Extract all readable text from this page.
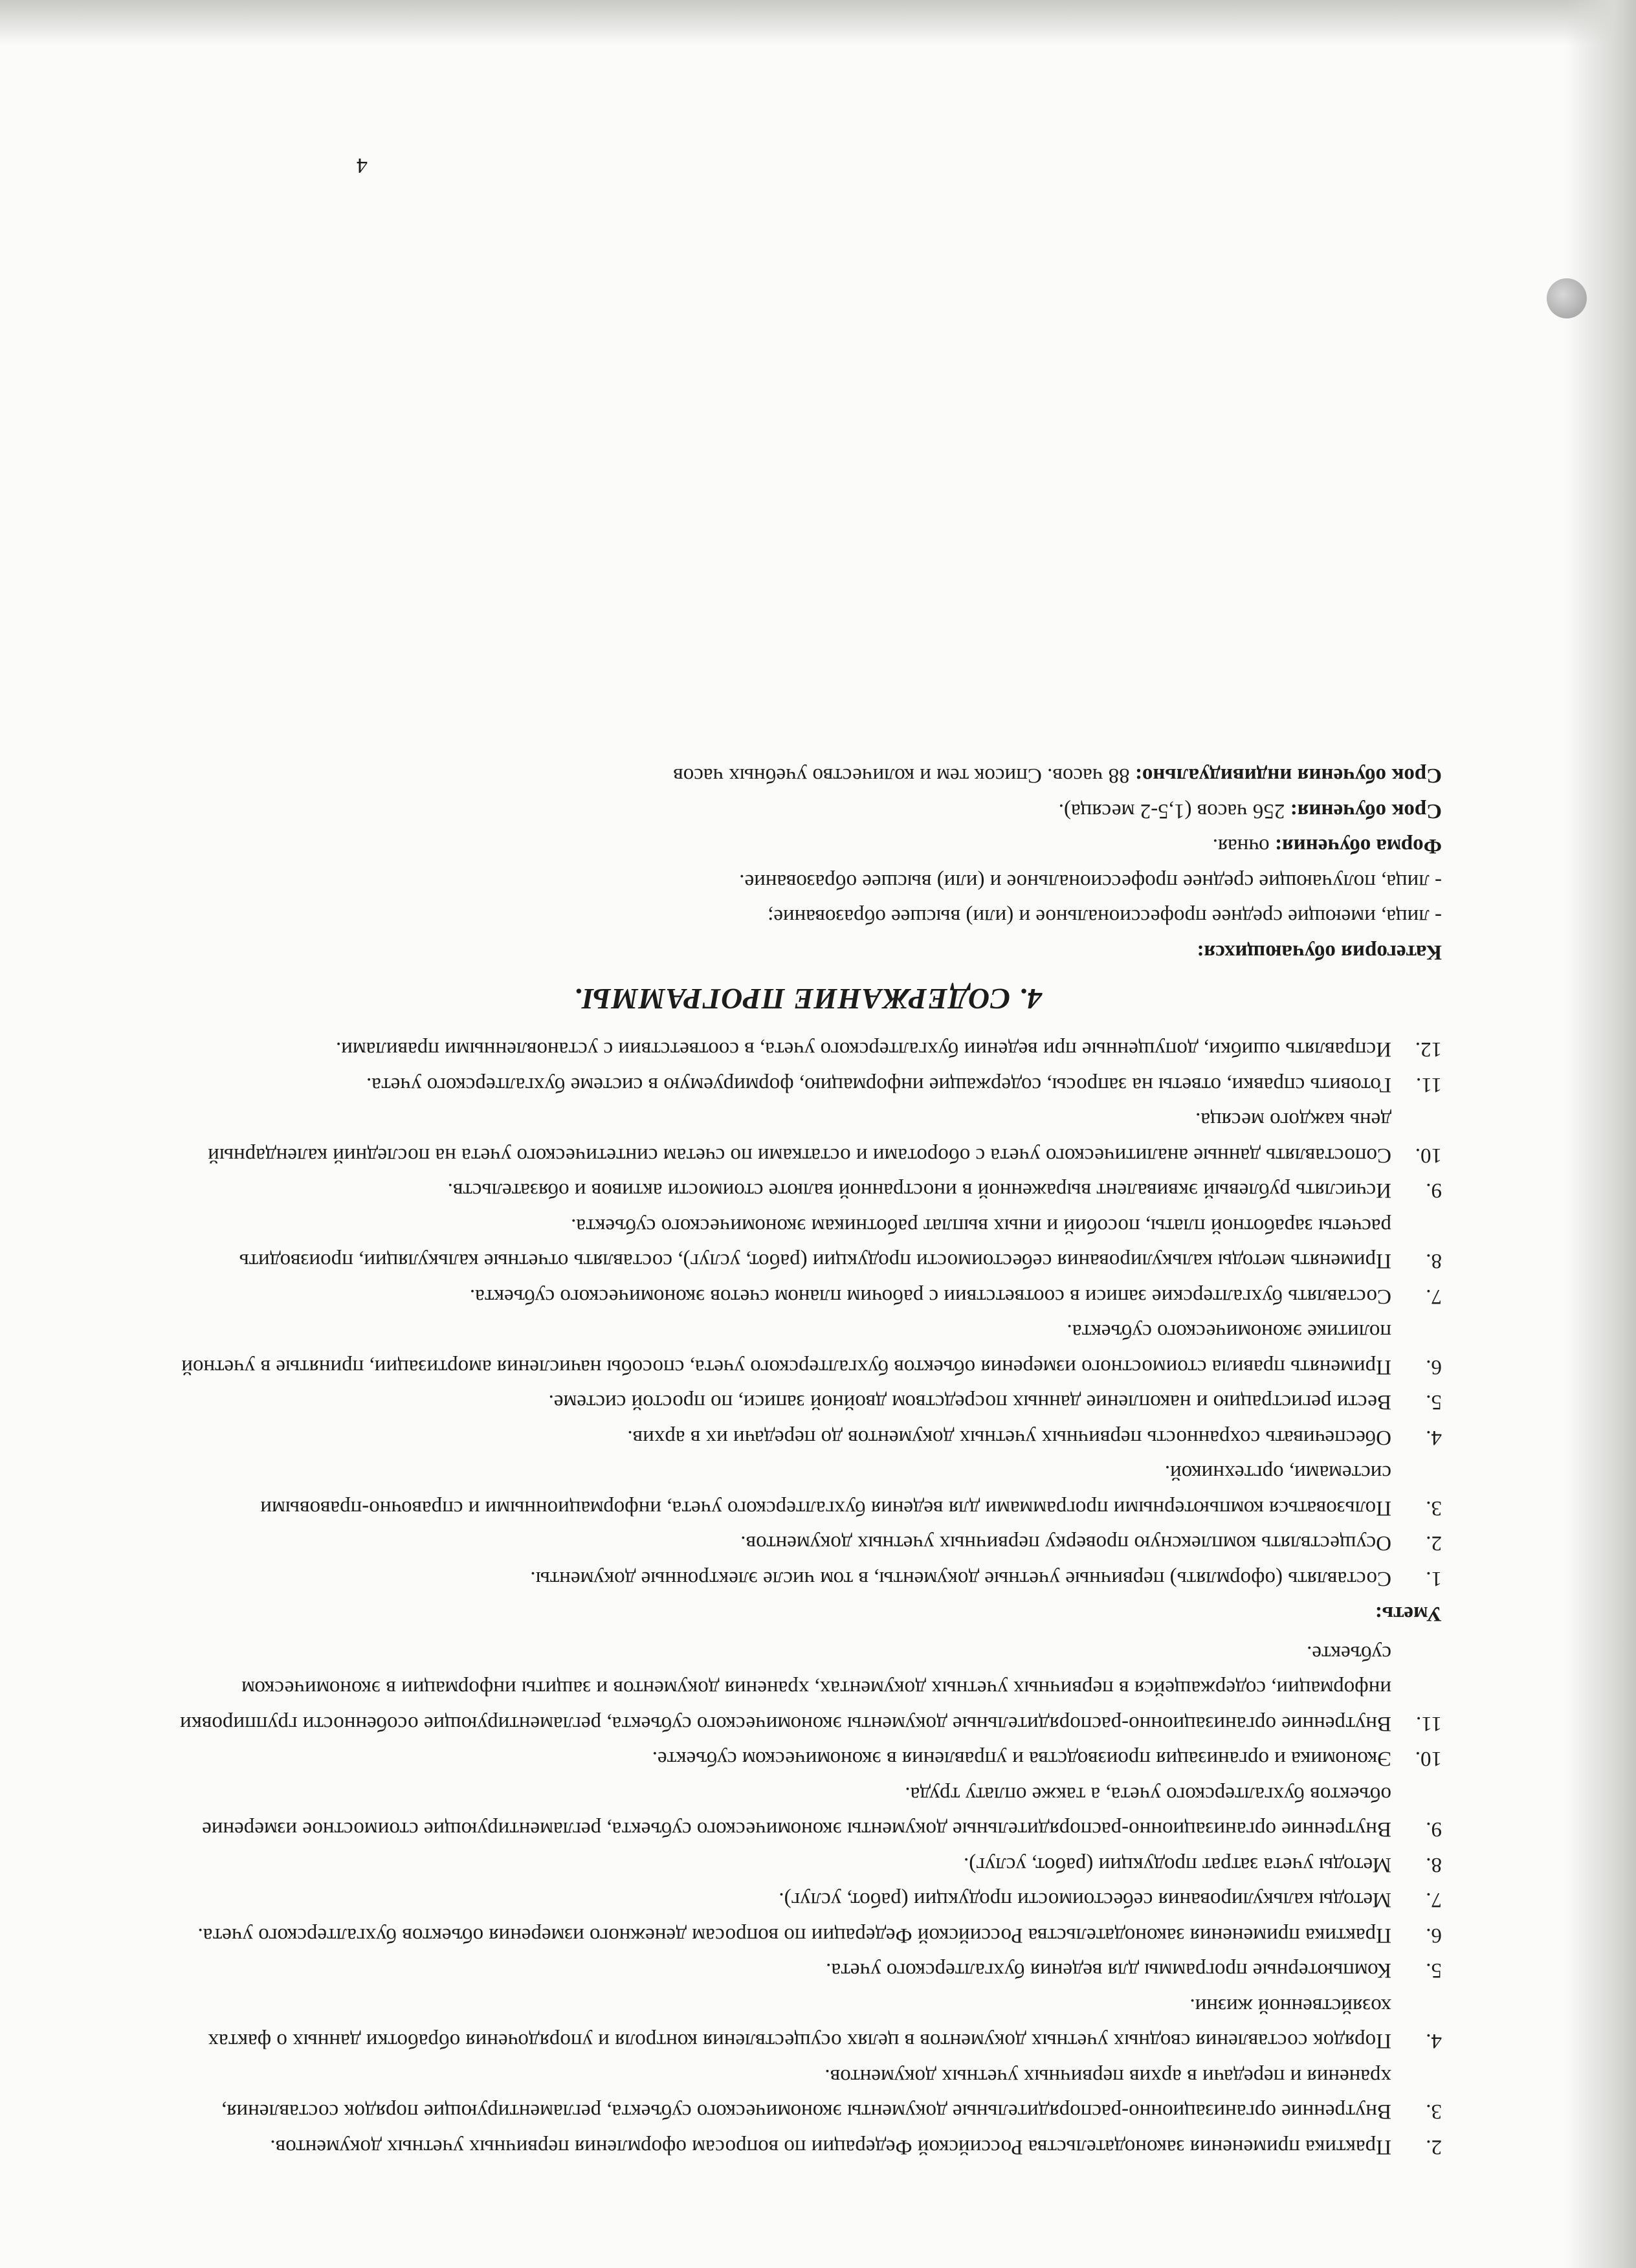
2.
Практика применения законодательства Российской Федерации по вопросам оформления первичных учетных документов.
3.
Внутренние организационно-распорядительные документы экономического субъекта, регламентирующие порядок составления, хранения и передачи в архив первичных учетных документов.
4.
Порядок составления сводных учетных документов в целях осуществления контроля и упорядочения обработки данных о фактах хозяйственной жизни.
5.
Компьютерные программы для ведения бухгалтерского учета.
6.
Практика применения законодательства Российской Федерации по вопросам денежного измерения объектов бухгалтерского учета.
7.
Методы калькулирования себестоимости продукции (работ, услуг).
8.
Методы учета затрат продукции (работ, услуг).
9.
Внутренние организационно-распорядительные документы экономического субъекта, регламентирующие стоимостное измерение объектов бухгалтерского учета, а также оплату труда.
10.
Экономика и организация производства и управления в экономическом субъекте.
11.
Внутренние организационно-распорядительные документы экономического субъекта, регламентирующие особенности группировки информации, содержащейся в первичных учетных документах, хранения документов и защиты информации в экономическом субъекте.
Уметь:
1.
Составлять (оформлять) первичные учетные документы, в том числе электронные документы.
2.
Осуществлять комплексную проверку первичных учетных документов.
3.
Пользоваться компьютерными программами для ведения бухгалтерского учета, информационными и справочно-правовыми системами, оргтехникой.
4.
Обеспечивать сохранность первичных учетных документов до передачи их в архив.
5.
Вести регистрацию и накопление данных посредством двойной записи, по простой системе.
6.
Применять правила стоимостного измерения объектов бухгалтерского учета, способы начисления амортизации, принятые в учетной политике экономического субъекта.
7.
Составлять бухгалтерские записи в соответствии с рабочим планом счетов экономического субъекта.
8.
Применять методы калькулирования себестоимости продукции (работ, услуг), составлять отчетные калькуляции, производить расчеты заработной платы, пособий и иных выплат работникам экономического субъекта.
9.
Исчислять рублевый эквивалент выраженной в иностранной валюте стоимости активов и обязательств.
10.
Сопоставлять данные аналитического учета с оборотами и остатками по счетам синтетического учета на последний календарный день каждого месяца.
11.
Готовить справки, ответы на запросы, содержащие информацию, формируемую в системе бухгалтерского учета.
12.
Исправлять ошибки, допущенные при ведении бухгалтерского учета, в соответствии с установленными правилами.
4. СОДЕРЖАНИЕ ПРОГРАММЫ.
Категория обучающихся:
- лица, имеющие среднее профессиональное и (или) высшее образование;
- лица, получающие среднее профессиональное и (или) высшее образование.
Форма обучения: очная.
Срок обучения: 256 часов (1,5-2 месяца).
Срок обучения индивидуально: 88 часов. Список тем и количество учебных часов
4
